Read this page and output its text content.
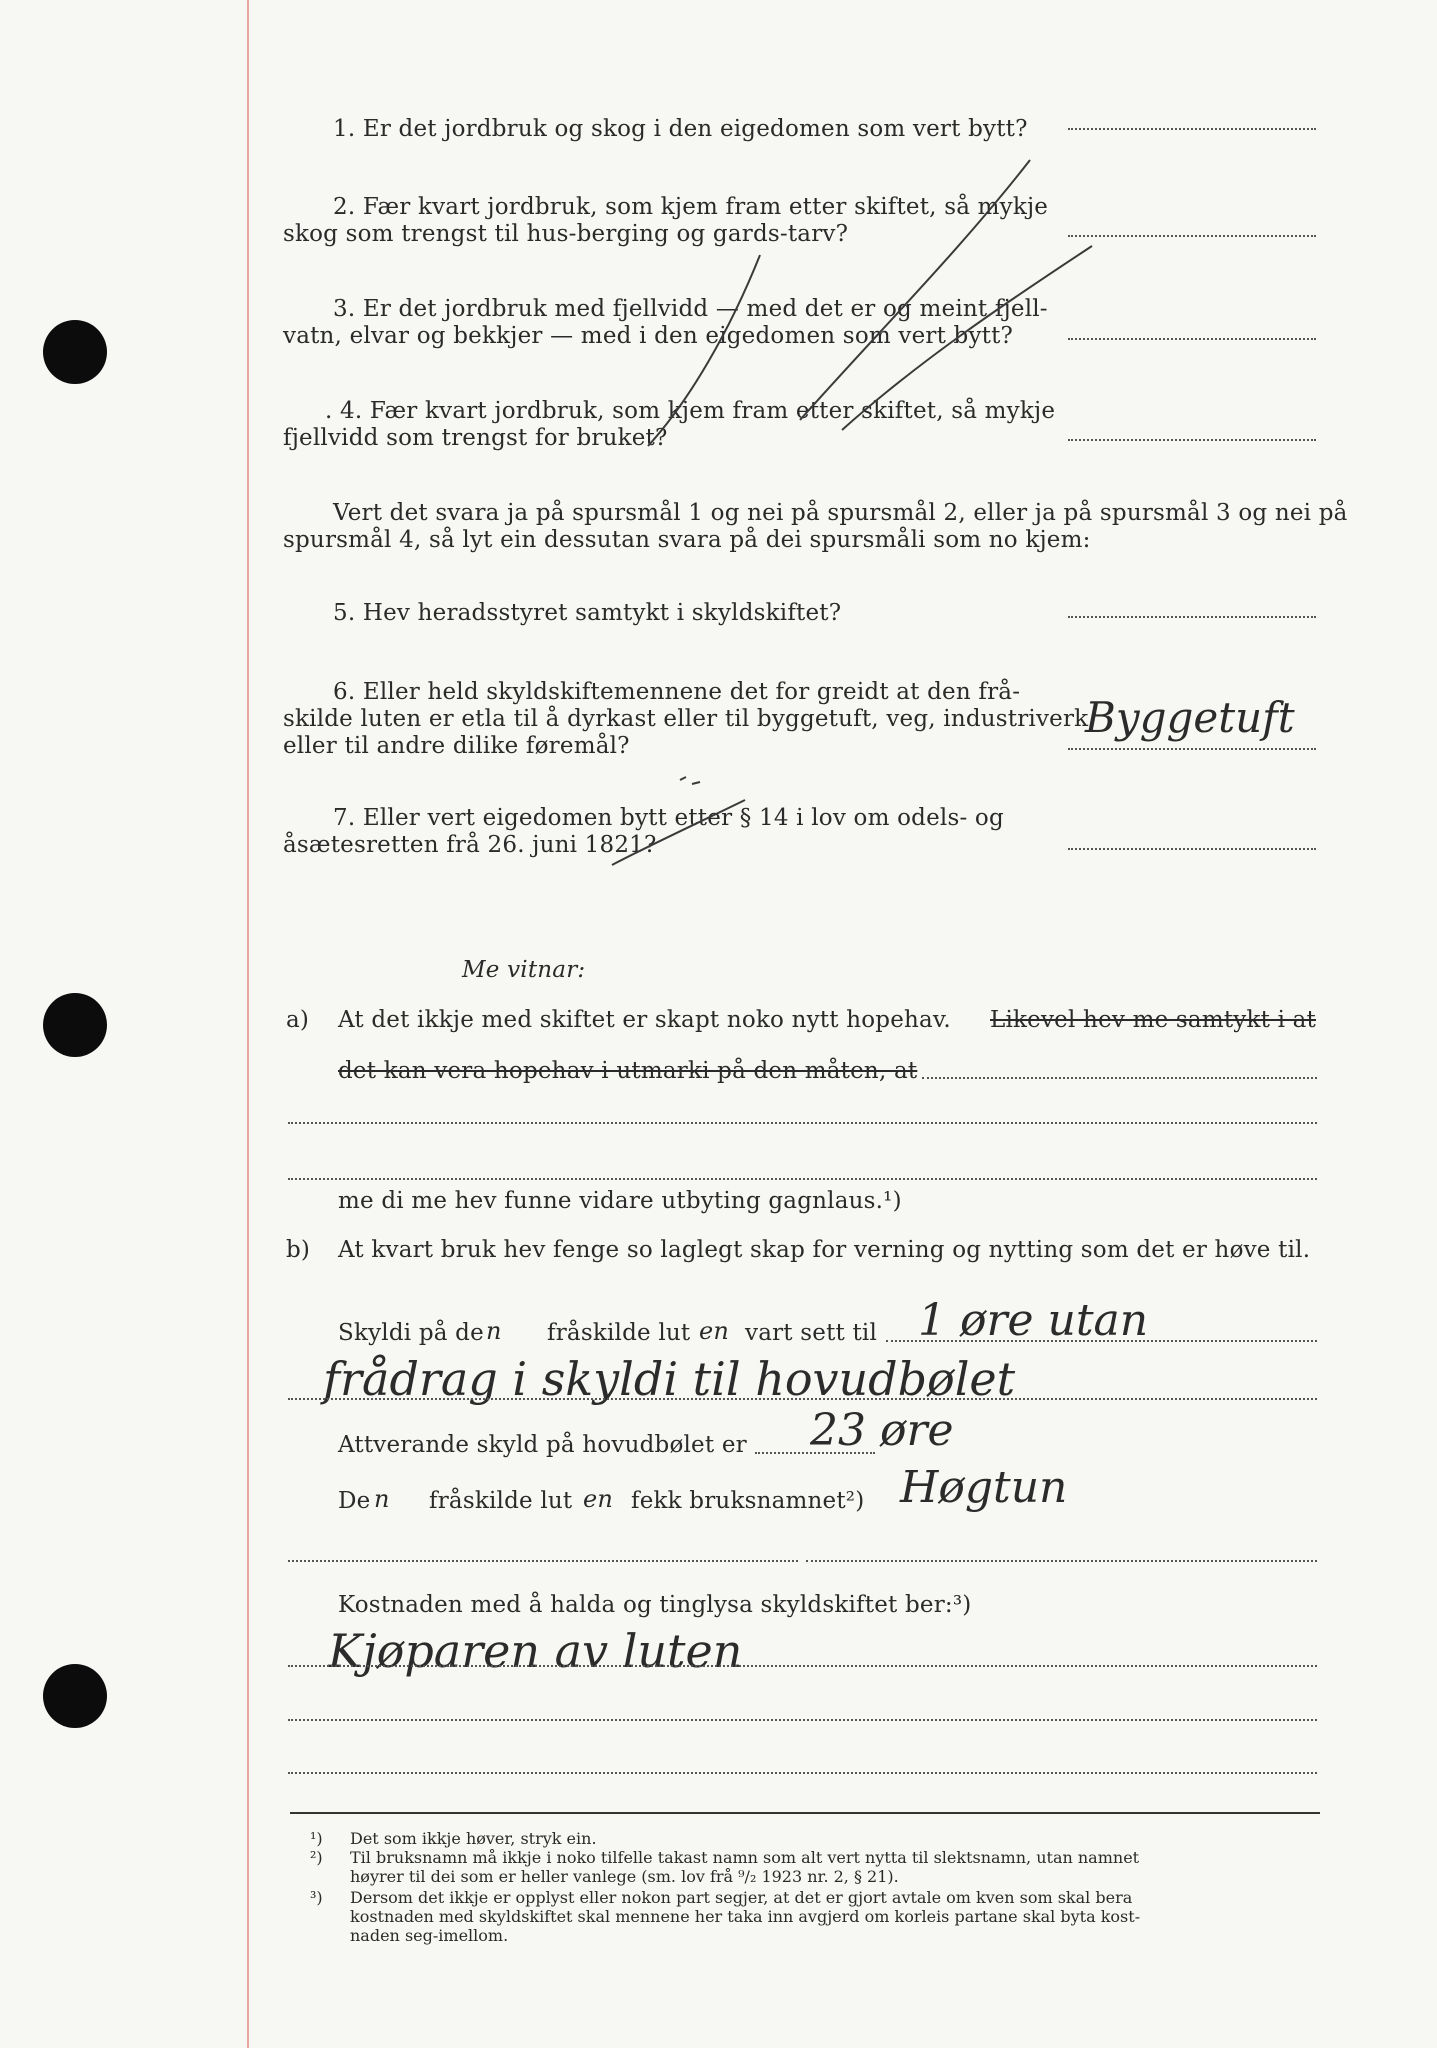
1. Er det jordbruk og skog i den eigedomen som vert bytt?
2. Fær kvart jordbruk, som kjem fram etter skiftet, så mykje
skog som trengst til hus-berging og gards-tarv?
3. Er det jordbruk med fjellvidd — med det er og meint fjell-
vatn, elvar og bekkjer — med i den eigedomen som vert bytt?
. 4. Fær kvart jordbruk, som kjem fram etter skiftet, så mykje
fjellvidd som trengst for bruket?
Vert det svara ja på spursmål 1 og nei på spursmål 2, eller ja på spursmål 3 og nei på
spursmål 4, så lyt ein dessutan svara på dei spursmåli som no kjem:
5. Hev heradsstyret samtykt i skyldskiftet?
6. Eller held skyldskiftemennene det for greidt at den frå-
skilde luten er etla til å dyrkast eller til byggetuft, veg, industriverk
eller til andre dilike føremål?
Byggetuft
7. Eller vert eigedomen bytt etter § 14 i lov om odels- og
åsætesretten frå 26. juni 1821?
Me vitnar:
a) At det ikkje med skiftet er skapt noko nytt hopehav. Likevel hev me samtykt i at
det kan vera hopehav i utmarki på den måten, at
me di me hev funne vidare utbyting gagnlaus.¹)
b) At kvart bruk hev fenge so laglegt skap for verning og nytting som det er høve til.
Skyldi på de n fråskilde lut en vart sett til 1 øre utan
frådrag i skyldi til hovudbølet
Attverande skyld på hovudbølet er 23 øre
De n fråskilde lut en fekk bruksnamnet²) Høgtun
Kostnaden med å halda og tinglysa skyldskiftet ber:³)
Kjøparen av luten
¹) Det som ikkje høver, stryk ein.
²) Til bruksnamn må ikkje i noko tilfelle takast namn som alt vert nytta til slektsnamn, utan namnet
høyrer til dei som er heller vanlege (sm. lov frå ⁹/₂ 1923 nr. 2, § 21).
³) Dersom det ikkje er opplyst eller nokon part segjer, at det er gjort avtale om kven som skal bera
kostnaden med skyldskiftet skal mennene her taka inn avgjerd om korleis partane skal byta kost-
naden seg-imellom.
